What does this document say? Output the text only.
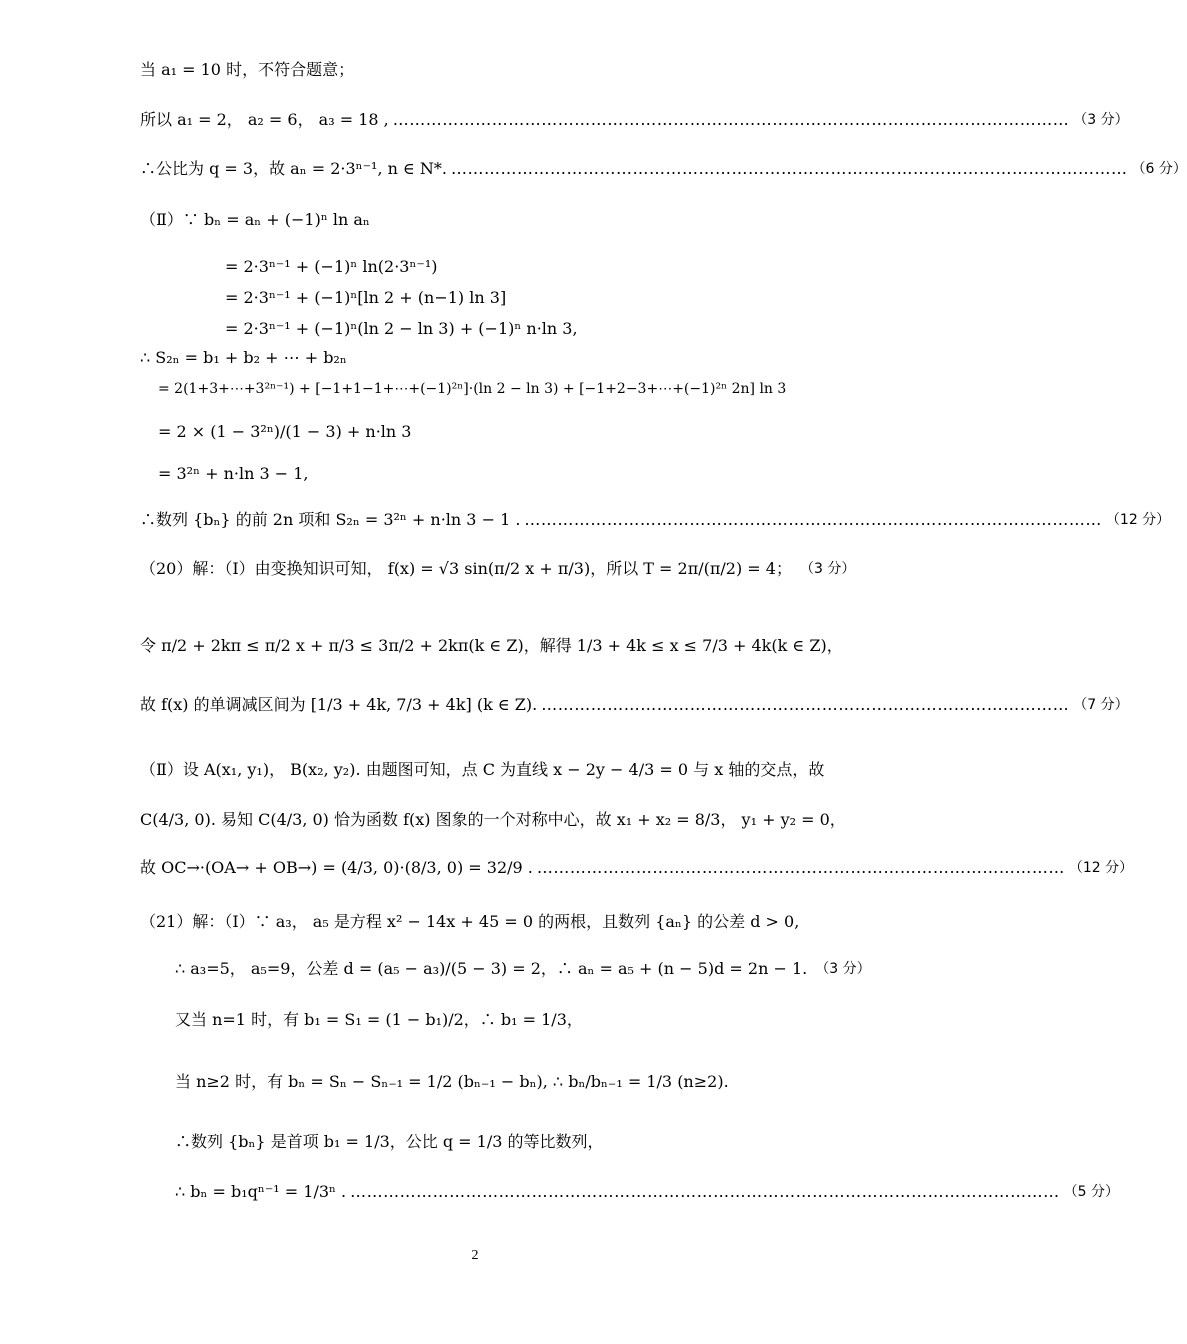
当 a₁ = 10 时，不符合题意；
所以 a₁ = 2， a₂ = 6， a₃ = 18 , …………………………………………………………………………………………………………… （3 分）
∴公比为 q = 3，故 aₙ = 2·3ⁿ⁻¹, n ∈ N*. …………………………………………………………………………………………………………… （6 分）
（Ⅱ）∵ bₙ = aₙ + (−1)ⁿ ln aₙ
= 2·3ⁿ⁻¹ + (−1)ⁿ ln(2·3ⁿ⁻¹)
= 2·3ⁿ⁻¹ + (−1)ⁿ[ln 2 + (n−1) ln 3]
= 2·3ⁿ⁻¹ + (−1)ⁿ(ln 2 − ln 3) + (−1)ⁿ n·ln 3,
∴ S₂ₙ = b₁ + b₂ + ⋯ + b₂ₙ
= 2(1+3+⋯+3²ⁿ⁻¹) + [−1+1−1+⋯+(−1)²ⁿ]·(ln 2 − ln 3) + [−1+2−3+⋯+(−1)²ⁿ 2n] ln 3
= 2 × (1 − 3²ⁿ)/(1 − 3) + n·ln 3
= 3²ⁿ + n·ln 3 − 1,
∴数列 {bₙ} 的前 2n 项和 S₂ₙ = 3²ⁿ + n·ln 3 − 1 . …………………………………………………………………………………………… （12 分）
（20）解：（Ⅰ）由变换知识可知， f(x) = √3 sin(π/2 x + π/3)，所以 T = 2π/(π/2) = 4； （3 分）
令 π/2 + 2kπ ≤ π/2 x + π/3 ≤ 3π/2 + 2kπ(k ∈ Z)，解得 1/3 + 4k ≤ x ≤ 7/3 + 4k(k ∈ Z)，
故 f(x) 的单调减区间为 [1/3 + 4k, 7/3 + 4k] (k ∈ Z). …………………………………………………………………………………… （7 分）
（Ⅱ）设 A(x₁, y₁)， B(x₂, y₂). 由题图可知，点 C 为直线 x − 2y − 4/3 = 0 与 x 轴的交点，故
C(4/3, 0). 易知 C(4/3, 0) 恰为函数 f(x) 图象的一个对称中心，故 x₁ + x₂ = 8/3， y₁ + y₂ = 0，
故 OC→·(OA→ + OB→) = (4/3, 0)·(8/3, 0) = 32/9 . …………………………………………………………………………………… （12 分）
（21）解：（Ⅰ）∵ a₃， a₅ 是方程 x² − 14x + 45 = 0 的两根，且数列 {aₙ} 的公差 d > 0,
∴ a₃=5， a₅=9，公差 d = (a₅ − a₃)/(5 − 3) = 2，∴ aₙ = a₅ + (n − 5)d = 2n − 1. （3 分）
又当 n=1 时，有 b₁ = S₁ = (1 − b₁)/2，∴ b₁ = 1/3，
当 n≥2 时，有 bₙ = Sₙ − Sₙ₋₁ = 1/2 (bₙ₋₁ − bₙ), ∴ bₙ/bₙ₋₁ = 1/3 (n≥2).
∴数列 {bₙ} 是首项 b₁ = 1/3，公比 q = 1/3 的等比数列，
∴ bₙ = b₁qⁿ⁻¹ = 1/3ⁿ . ………………………………………………………………………………………………………………… （5 分）
2
